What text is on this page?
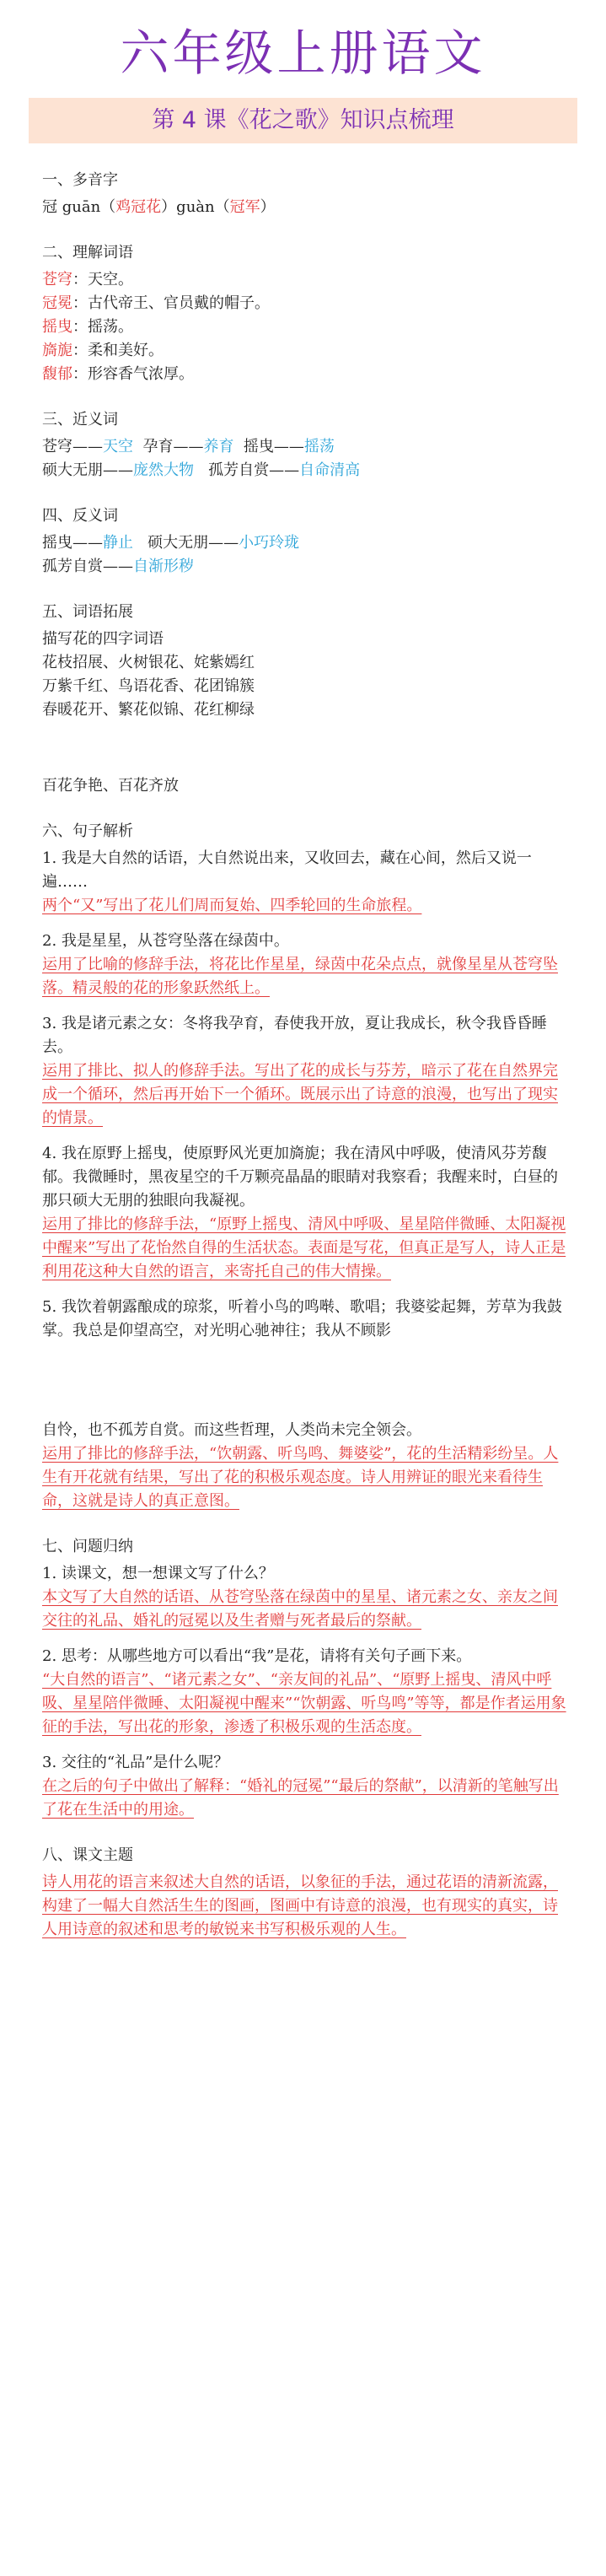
六年级上册语文
第 4 课《花之歌》知识点梳理

一、多音字

冠 guān（鸡冠花）guàn（冠军）

二、理解词语

苍穹：天空。

冠冕：古代帝王、官员戴的帽子。

摇曳：摇荡。

旖旎：柔和美好。

馥郁：形容香气浓厚。

三、近义词

苍穹——天空  孕育——养育  摇曳——摇荡

硕大无朋——庞然大物   孤芳自赏——自命清高

四、反义词

摇曳——静止   硕大无朋——小巧玲珑

孤芳自赏——自渐形秽

五、词语拓展

描写花的四字词语

花枝招展、火树银花、姹紫嫣红

万紫千红、鸟语花香、花团锦簇

春暖花开、繁花似锦、花红柳绿

百花争艳、百花齐放

六、句子解析

1. 我是大自然的话语，大自然说出来，又收回去，藏在心间，然后又说一遍……

两个“又”写出了花儿们周而复始、四季轮回的生命旅程。

2. 我是星星，从苍穹坠落在绿茵中。

运用了比喻的修辞手法，将花比作星星，绿茵中花朵点点，就像星星从苍穹坠落。精灵般的花的形象跃然纸上。

3. 我是诸元素之女：冬将我孕育，春使我开放，夏让我成长，秋令我昏昏睡去。

运用了排比、拟人的修辞手法。写出了花的成长与芬芳，暗示了花在自然界完成一个循环，然后再开始下一个循环。既展示出了诗意的浪漫，也写出了现实的情景。

4. 我在原野上摇曳，使原野风光更加旖旎；我在清风中呼吸，使清风芬芳馥郁。我微睡时，黑夜星空的千万颗亮晶晶的眼睛对我察看；我醒来时，白昼的那只硕大无朋的独眼向我凝视。

运用了排比的修辞手法，“原野上摇曳、清风中呼吸、星星陪伴微睡、太阳凝视中醒来”写出了花怡然自得的生活状态。表面是写花，但真正是写人，诗人正是利用花这种大自然的语言，来寄托自己的伟大情操。

5. 我饮着朝露酿成的琼浆，听着小鸟的鸣啭、歌唱；我婆娑起舞，芳草为我鼓掌。我总是仰望高空，对光明心驰神往；我从不顾影

自怜，也不孤芳自赏。而这些哲理，人类尚未完全领会。

运用了排比的修辞手法，“饮朝露、听鸟鸣、舞婆娑”，花的生活精彩纷呈。人生有开花就有结果，写出了花的积极乐观态度。诗人用辨证的眼光来看待生命，这就是诗人的真正意图。

七、问题归纳

1. 读课文，想一想课文写了什么？

本文写了大自然的话语、从苍穹坠落在绿茵中的星星、诸元素之女、亲友之间交往的礼品、婚礼的冠冕以及生者赠与死者最后的祭献。

2. 思考：从哪些地方可以看出“我”是花，请将有关句子画下来。

“大自然的语言”、“诸元素之女”、“亲友间的礼品”、“原野上摇曳、清风中呼吸、星星陪伴微睡、太阳凝视中醒来”“饮朝露、听鸟鸣”等等，都是作者运用象征的手法，写出花的形象，渗透了积极乐观的生活态度。

3. 交往的“礼品”是什么呢？

在之后的句子中做出了解释：“婚礼的冠冕”“最后的祭献”，以清新的笔触写出了花在生活中的用途。

八、课文主题

诗人用花的语言来叙述大自然的话语，以象征的手法，通过花语的清新流露，构建了一幅大自然活生生的图画，图画中有诗意的浪漫，也有现实的真实，诗人用诗意的叙述和思考的敏锐来书写积极乐观的人生。
